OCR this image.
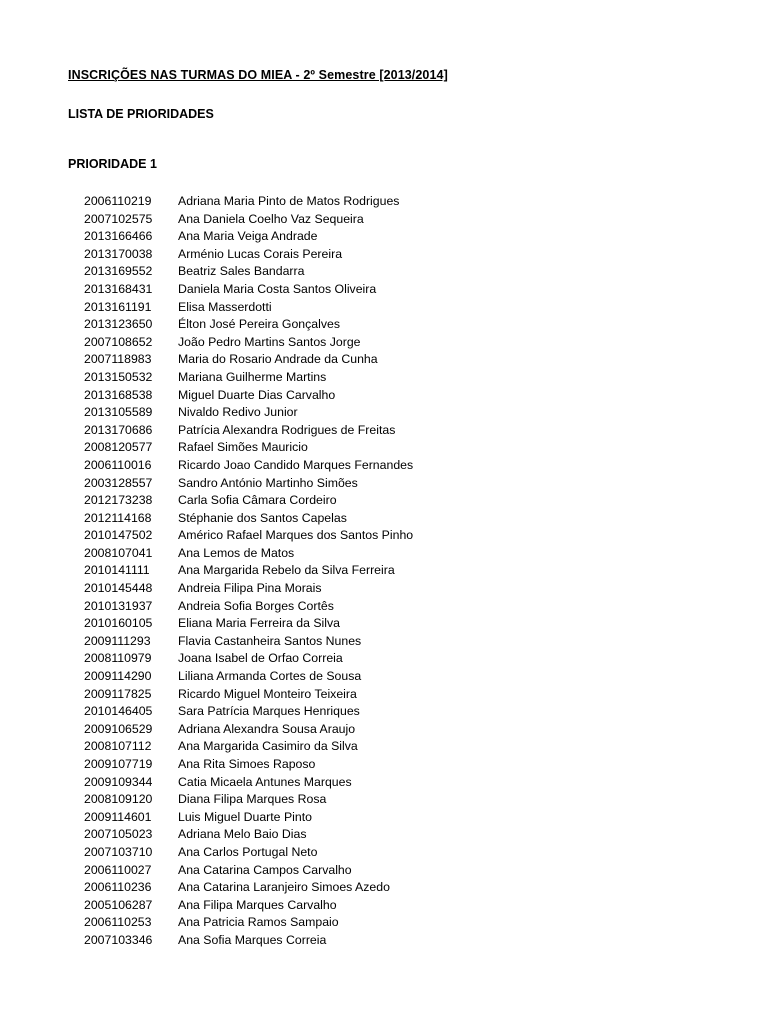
INSCRIÇÕES NAS TURMAS DO MIEA - 2º Semestre [2013/2014]
LISTA DE PRIORIDADES
PRIORIDADE 1
2006110219 Adriana Maria Pinto de Matos Rodrigues
2007102575 Ana Daniela Coelho Vaz Sequeira
2013166466 Ana Maria Veiga Andrade
2013170038 Arménio Lucas Corais Pereira
2013169552 Beatriz Sales Bandarra
2013168431 Daniela Maria Costa Santos Oliveira
2013161191 Elisa Masserdotti
2013123650 Élton José Pereira Gonçalves
2007108652 João Pedro Martins Santos Jorge
2007118983 Maria do Rosario Andrade da Cunha
2013150532 Mariana Guilherme Martins
2013168538 Miguel Duarte Dias Carvalho
2013105589 Nivaldo Redivo Junior
2013170686 Patrícia Alexandra Rodrigues de Freitas
2008120577 Rafael Simões Mauricio
2006110016 Ricardo Joao Candido Marques Fernandes
2003128557 Sandro António Martinho Simões
2012173238 Carla Sofia Câmara Cordeiro
2012114168 Stéphanie dos Santos Capelas
2010147502 Américo Rafael Marques dos Santos Pinho
2008107041 Ana Lemos de Matos
2010141111 Ana Margarida Rebelo da Silva Ferreira
2010145448 Andreia Filipa Pina Morais
2010131937 Andreia Sofia Borges Cortês
2010160105 Eliana Maria Ferreira da Silva
2009111293 Flavia Castanheira Santos Nunes
2008110979 Joana Isabel de Orfao Correia
2009114290 Liliana Armanda Cortes de Sousa
2009117825 Ricardo Miguel Monteiro Teixeira
2010146405 Sara Patrícia Marques Henriques
2009106529 Adriana Alexandra Sousa Araujo
2008107112 Ana Margarida Casimiro da Silva
2009107719 Ana Rita Simoes Raposo
2009109344 Catia Micaela Antunes Marques
2008109120 Diana Filipa Marques Rosa
2009114601 Luis Miguel Duarte Pinto
2007105023 Adriana Melo Baio Dias
2007103710 Ana Carlos Portugal Neto
2006110027 Ana Catarina Campos Carvalho
2006110236 Ana Catarina Laranjeiro Simoes Azedo
2005106287 Ana Filipa Marques Carvalho
2006110253 Ana Patricia Ramos Sampaio
2007103346 Ana Sofia Marques Correia
